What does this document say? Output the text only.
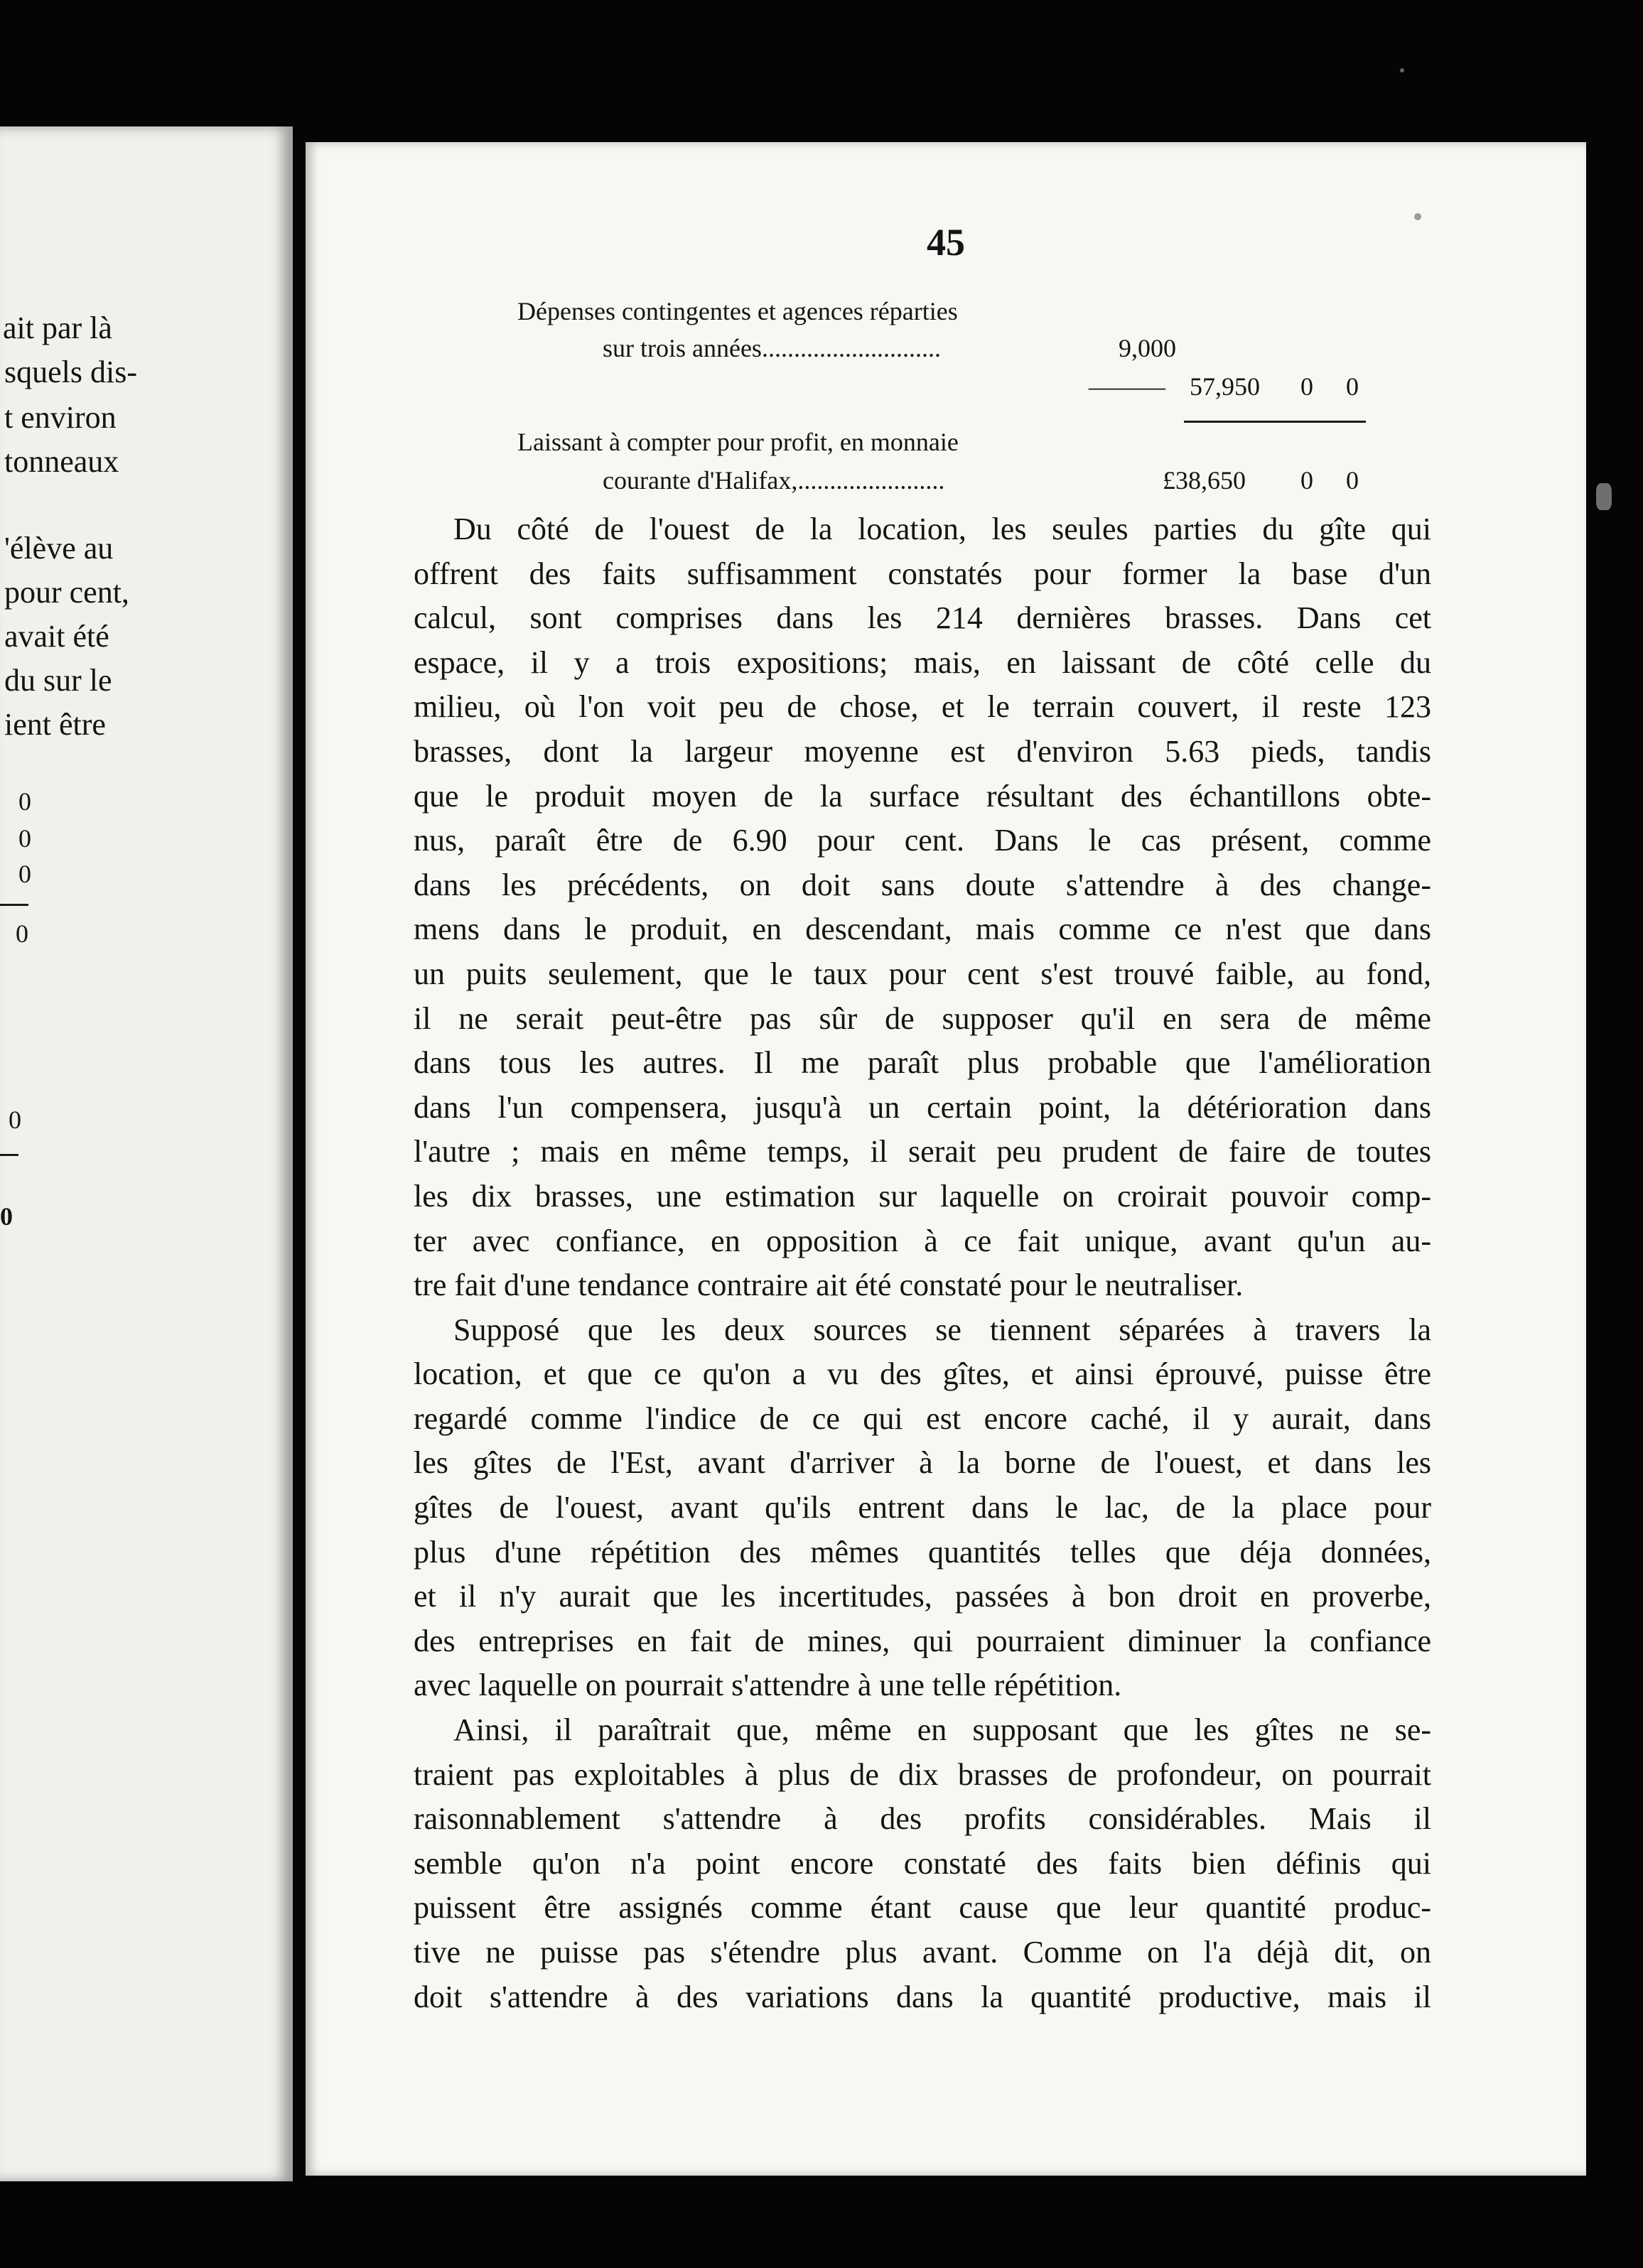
ait par là
squels dis-
t environ
tonneaux
'élève au
pour cent,
avait été
du sur le
ient être
0
0
0
0
0
0
45
Dépenses contingentes et agences réparties
sur trois années............................	9,000
——— 57,950 0 0
Laissant à compter pour profit, en monnaie
courante d'Halifax,.......................	£38,650 0 0
Du côté de l'ouest de la location, les seules parties du gîte qui
offrent des faits suffisamment constatés pour former la base d'un
calcul, sont comprises dans les 214 dernières brasses. Dans cet
espace, il y a trois expositions; mais, en laissant de côté celle du
milieu, où l'on voit peu de chose, et le terrain couvert, il reste 123
brasses, dont la largeur moyenne est d'environ 5.63 pieds, tandis
que le produit moyen de la surface résultant des échantillons obte-
nus, paraît être de 6.90 pour cent. Dans le cas présent, comme
dans les précédents, on doit sans doute s'attendre à des change-
mens dans le produit, en descendant, mais comme ce n'est que dans
un puits seulement, que le taux pour cent s'est trouvé faible, au fond,
il ne serait peut-être pas sûr de supposer qu'il en sera de même
dans tous les autres. Il me paraît plus probable que l'amélioration
dans l'un compensera, jusqu'à un certain point, la détérioration dans
l'autre ; mais en même temps, il serait peu prudent de faire de toutes
les dix brasses, une estimation sur laquelle on croirait pouvoir comp-
ter avec confiance, en opposition à ce fait unique, avant qu'un au-
tre fait d'une tendance contraire ait été constaté pour le neutraliser.
Supposé que les deux sources se tiennent séparées à travers la
location, et que ce qu'on a vu des gîtes, et ainsi éprouvé, puisse être
regardé comme l'indice de ce qui est encore caché, il y aurait, dans
les gîtes de l'Est, avant d'arriver à la borne de l'ouest, et dans les
gîtes de l'ouest, avant qu'ils entrent dans le lac, de la place pour
plus d'une répétition des mêmes quantités telles que déja données,
et il n'y aurait que les incertitudes, passées à bon droit en proverbe,
des entreprises en fait de mines, qui pourraient diminuer la confiance
avec laquelle on pourrait s'attendre à une telle répétition.
Ainsi, il paraîtrait que, même en supposant que les gîtes ne se-
traient pas exploitables à plus de dix brasses de profondeur, on pourrait
raisonnablement s'attendre à des profits considérables. Mais il
semble qu'on n'a point encore constaté des faits bien définis qui
puissent être assignés comme étant cause que leur quantité produc-
tive ne puisse pas s'étendre plus avant. Comme on l'a déjà dit, on
doit s'attendre à des variations dans la quantité productive, mais il
